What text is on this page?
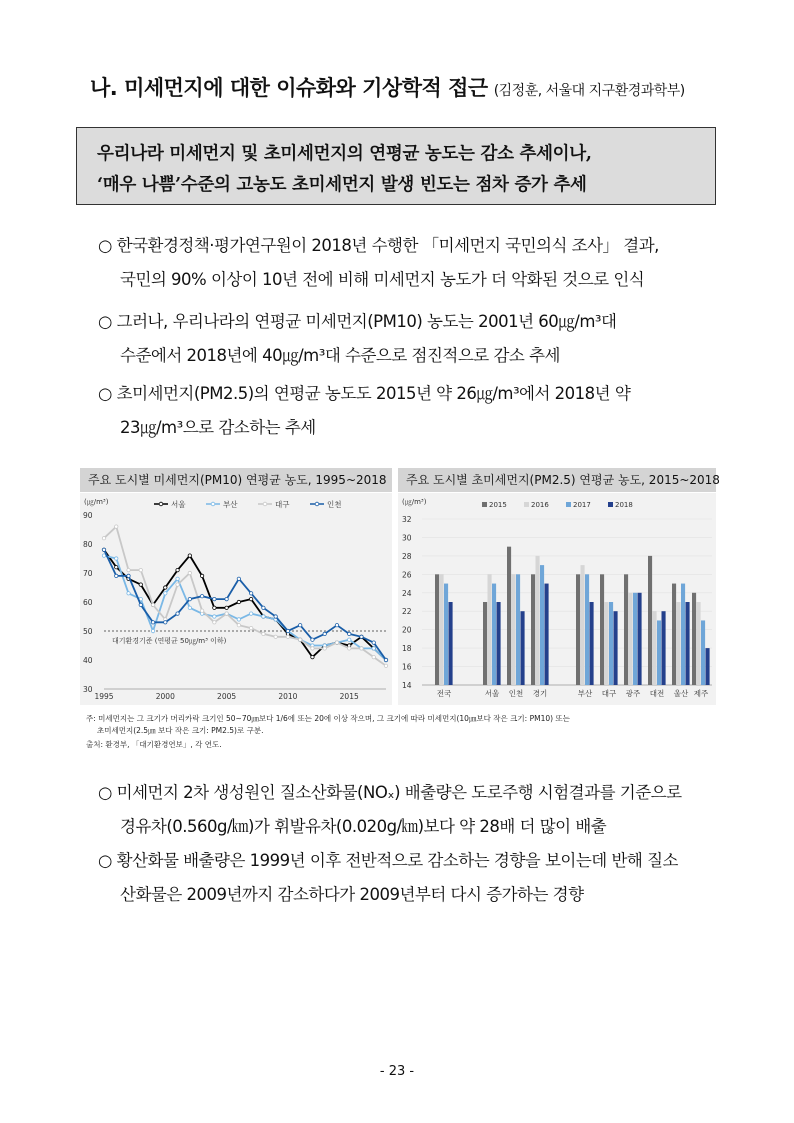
나. 미세먼지에 대한 이슈화와 기상학적 접근 (김정훈, 서울대 지구환경과학부)
우리나라 미세먼지 및 초미세먼지의 연평균 농도는 감소 추세이나,
‘매우 나쁨’수준의 고농도 초미세먼지 발생 빈도는 점차 증가 추세
○ 한국환경정책·평가연구원이 2018년 수행한 「미세먼지 국민의식 조사」 결과,
국민의 90% 이상이 10년 전에 비해 미세먼지 농도가 더 악화된 것으로 인식
○ 그러나, 우리나라의 연평균 미세먼지(PM10) 농도는 2001년 60㎍/m³대
수준에서 2018년에 40㎍/m³대 수준으로 점진적으로 감소 추세
○ 초미세먼지(PM2.5)의 연평균 농도도 2015년 약 26㎍/m³에서 2018년 약
23㎍/m³으로 감소하는 추세
주요 도시별 미세먼지(PM10) 연평균 농도, 1995~2018	주요 도시별 초미세먼지(PM2.5) 연평균 농도, 2015~2018
(㎍/m³)
30
40
50
60
70
80
90
1995	2000	2005	2010	2015
대기환경기준 (연평균 50㎍/m³ 이하)
서울	부산	대구	인천	(㎍/m³)
14
16
18
20
22
24
26
28
30
32
2015	2016	2017	2018
전국	서울 인천 경기	부산 대구 광주 대전 울산 제주
주: 미세먼지는 그 크기가 머리카락 크기인 50~70㎛보다 1/6에 또는 20에 이상 작으며, 그 크기에 따라 미세먼지(10㎛보다 작은 크기: PM10) 또는
초미세먼지(2.5㎛ 보다 작은 크기: PM2.5)로 구분.
출처: 환경부, 「대기환경연보」, 각 연도.
○ 미세먼지 2차 생성원인 질소산화물(NOₓ) 배출량은 도로주행 시험결과를 기준으로
경유차(0.560g/㎞)가 휘발유차(0.020g/㎞)보다 약 28배 더 많이 배출
○ 황산화물 배출량은 1999년 이후 전반적으로 감소하는 경향을 보이는데 반해 질소
산화물은 2009년까지 감소하다가 2009년부터 다시 증가하는 경향
- 23 -
